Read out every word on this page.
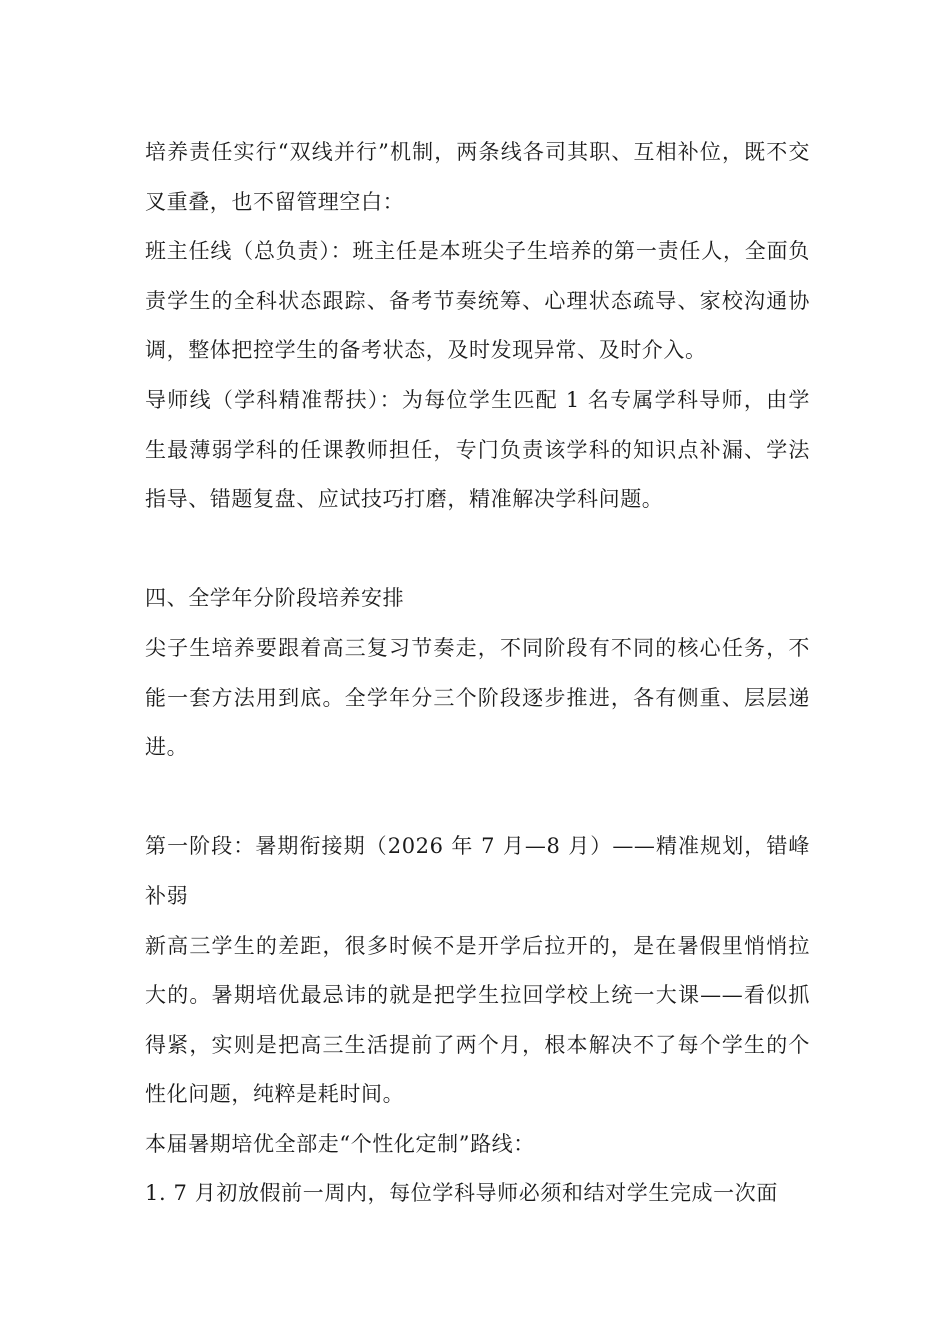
培养责任实行“双线并行”机制，两条线各司其职、互相补位，既不交叉重叠，也不留管理空白：

班主任线（总负责）：班主任是本班尖子生培养的第一责任人，全面负责学生的全科状态跟踪、备考节奏统筹、心理状态疏导、家校沟通协调，整体把控学生的备考状态，及时发现异常、及时介入。

导师线（学科精准帮扶）：为每位学生匹配 1 名专属学科导师，由学生最薄弱学科的任课教师担任，专门负责该学科的知识点补漏、学法指导、错题复盘、应试技巧打磨，精准解决学科问题。

四、全学年分阶段培养安排

尖子生培养要跟着高三复习节奏走，不同阶段有不同的核心任务，不能一套方法用到底。全学年分三个阶段逐步推进，各有侧重、层层递进。

第一阶段：暑期衔接期（2026 年 7 月—8 月）——精准规划，错峰补弱

新高三学生的差距，很多时候不是开学后拉开的，是在暑假里悄悄拉大的。暑期培优最忌讳的就是把学生拉回学校上统一大课——看似抓得紧，实则是把高三生活提前了两个月，根本解决不了每个学生的个性化问题，纯粹是耗时间。

本届暑期培优全部走“个性化定制”路线：

1. 7 月初放假前一周内，每位学科导师必须和结对学生完成一次面
